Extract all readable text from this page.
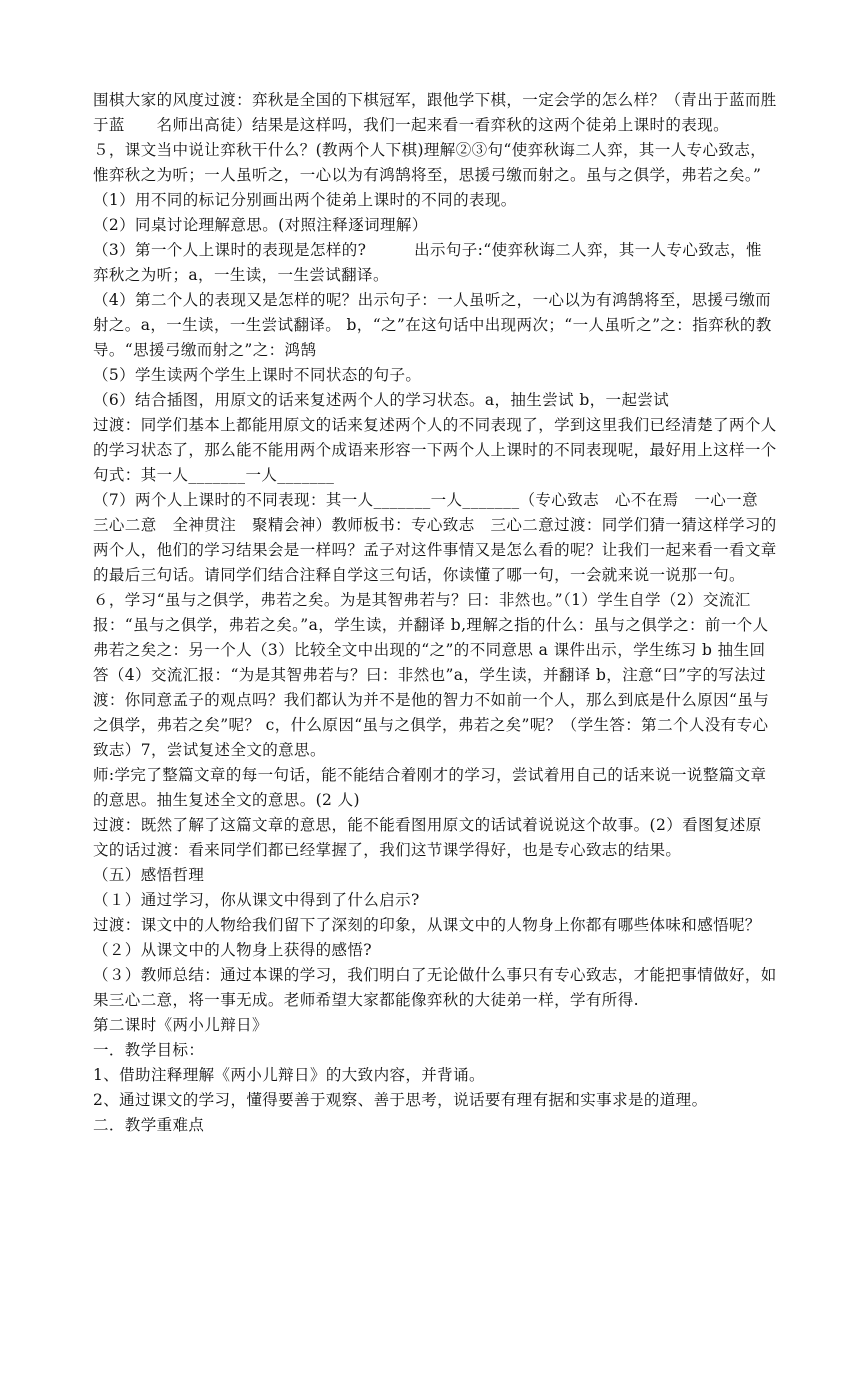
围棋大家的风度过渡：弈秋是全国的下棋冠军，跟他学下棋，一定会学的怎么样？（青出于蓝而胜于蓝　　名师出高徒）结果是这样吗，我们一起来看一看弈秋的这两个徒弟上课时的表现。

５，课文当中说让弈秋干什么？(教两个人下棋)理解②③句“使弈秋诲二人弈，其一人专心致志，惟弈秋之为听；一人虽听之，一心以为有鸿鹄将至，思援弓缴而射之。虽与之俱学，弗若之矣。”

（1）用不同的标记分别画出两个徒弟上课时的不同的表现。

（2）同桌讨论理解意思。(对照注释逐词理解）

（3）第一个人上课时的表现是怎样的?　　　出示句子:“使弈秋诲二人弈，其一人专心致志，惟弈秋之为听；a，一生读，一生尝试翻译。

（4）第二个人的表现又是怎样的呢？出示句子：一人虽听之，一心以为有鸿鹄将至，思援弓缴而射之。a，一生读，一生尝试翻译。 b，“之”在这句话中出现两次；“一人虽听之”之：指弈秋的教导。“思援弓缴而射之”之：鸿鹄

（5）学生读两个学生上课时不同状态的句子。

（6）结合插图，用原文的话来复述两个人的学习状态。a，抽生尝试 b，一起尝试

过渡：同学们基本上都能用原文的话来复述两个人的不同表现了，学到这里我们已经清楚了两个人的学习状态了，那么能不能用两个成语来形容一下两个人上课时的不同表现呢，最好用上这样一个句式：其一人_______一人_______

（7）两个人上课时的不同表现：其一人_______一人_______（专心致志　心不在焉　一心一意　三心二意　全神贯注　聚精会神）教师板书：专心致志　三心二意过渡：同学们猜一猜这样学习的两个人，他们的学习结果会是一样吗？孟子对这件事情又是怎么看的呢？让我们一起来看一看文章的最后三句话。请同学们结合注释自学这三句话，你读懂了哪一句，一会就来说一说那一句。

６，学习“虽与之俱学，弗若之矣。为是其智弗若与？曰：非然也。”（1）学生自学（2）交流汇报：“虽与之俱学，弗若之矣。”a，学生读，并翻译 b,理解之指的什么：虽与之俱学之：前一个人　　弗若之矣之：另一个人（3）比较全文中出现的“之”的不同意思 a 课件出示，学生练习 b 抽生回答（4）交流汇报：“为是其智弗若与？曰：非然也”a，学生读，并翻译 b，注意“曰”字的写法过渡：你同意孟子的观点吗？我们都认为并不是他的智力不如前一个人，那么到底是什么原因“虽与之俱学，弗若之矣”呢？ c，什么原因“虽与之俱学，弗若之矣”呢？（学生答：第二个人没有专心致志）7，尝试复述全文的意思。

师:学完了整篇文章的每一句话，能不能结合着刚才的学习，尝试着用自己的话来说一说整篇文章的意思。抽生复述全文的意思。(2 人)

过渡：既然了解了这篇文章的意思，能不能看图用原文的话试着说说这个故事。(2）看图复述原文的话过渡：看来同学们都已经掌握了，我们这节课学得好，也是专心致志的结果。

（五）感悟哲理

（１）通过学习，你从课文中得到了什么启示?

过渡：课文中的人物给我们留下了深刻的印象，从课文中的人物身上你都有哪些体味和感悟呢？

（２）从课文中的人物身上获得的感悟?

（３）教师总结：通过本课的学习，我们明白了无论做什么事只有专心致志，才能把事情做好，如果三心二意，将一事无成。老师希望大家都能像弈秋的大徒弟一样，学有所得.

第二课时《两小儿辩日》

一．教学目标：

1、借助注释理解《两小儿辩日》的大致内容，并背诵。

2、通过课文的学习，懂得要善于观察、善于思考，说话要有理有据和实事求是的道理。

二．教学重难点
